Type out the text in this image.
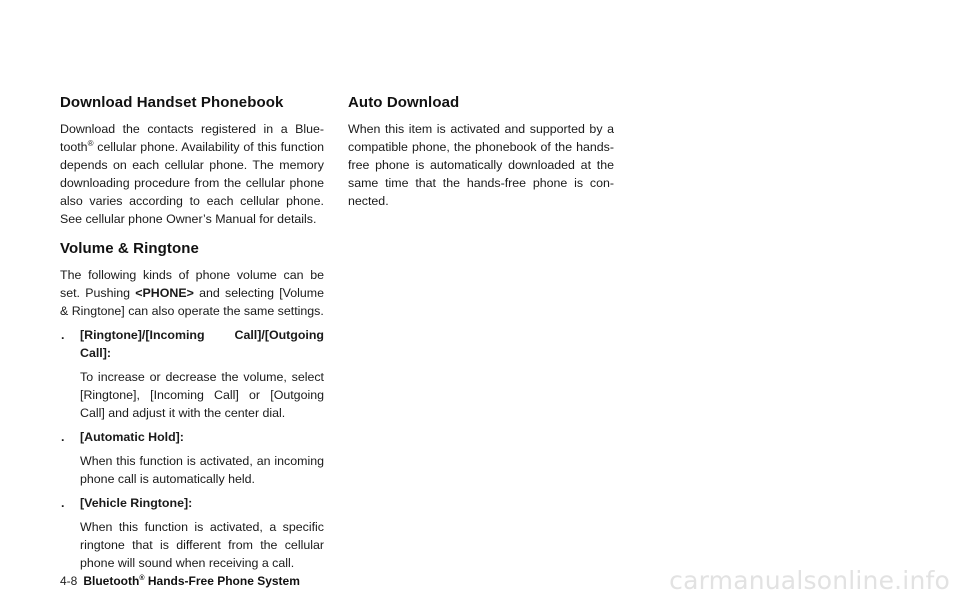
Download Handset Phonebook

Download the contacts registered in a Blue-tooth® cellular phone. Availability of this function depends on each cellular phone. The memory downloading procedure from the cellular phone also varies according to each cellular phone. See cellular phone Owner’s Manual for details.

Volume & Ringtone

The following kinds of phone volume can be set. Pushing <PHONE> and selecting [Volume & Ringtone] can also operate the same settings.

. [Ringtone]/[Incoming Call]/[Outgoing Call]:
To increase or decrease the volume, select [Ringtone], [Incoming Call] or [Outgoing Call] and adjust it with the center dial.
. [Automatic Hold]:
When this function is activated, an incoming phone call is automatically held.
. [Vehicle Ringtone]:
When this function is activated, a specific ringtone that is different from the cellular phone will sound when receiving a call.
Auto Download

When this item is activated and supported by a compatible phone, the phonebook of the hands-free phone is automatically downloaded at the same time that the hands-free phone is con-nected.

4-8 Bluetooth® Hands-Free Phone System	carmanualsonline.info
